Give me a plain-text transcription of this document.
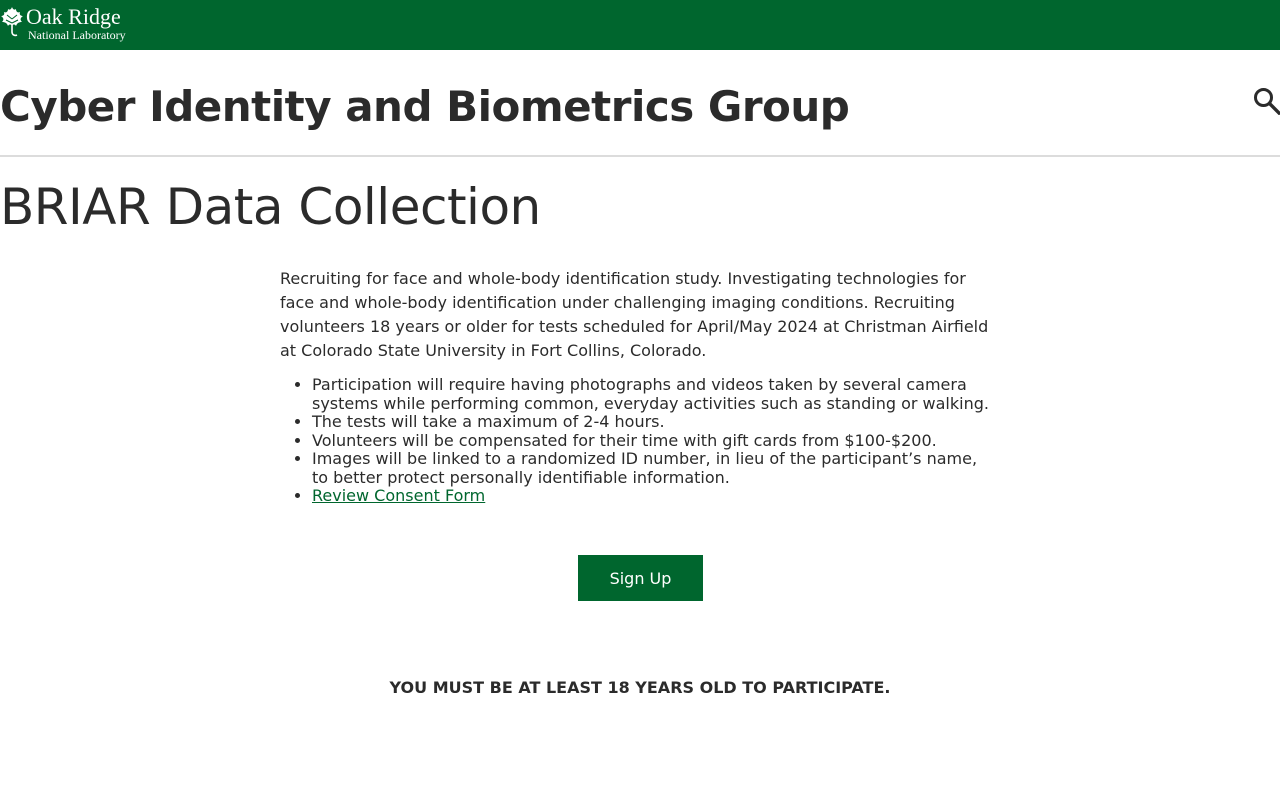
Oak Ridge
National Laboratory
Cyber Identity and Biometrics Group
BRIAR Data Collection

Recruiting for face and whole-body identification study. Investigating technologies for face and whole-body identification under challenging imaging conditions. Recruiting volunteers 18 years or older for tests scheduled for April/May 2024 at Christman Airfield at Colorado State University in Fort Collins, Colorado.

• Participation will require having photographs and videos taken by several camera systems while performing common, everyday activities such as standing or walking.
• The tests will take a maximum of 2-4 hours.
• Volunteers will be compensated for their time with gift cards from $100-$200.
• Images will be linked to a randomized ID number, in lieu of the participant’s name, to better protect personally identifiable information.
• Review Consent Form
Sign Up

YOU MUST BE AT LEAST 18 YEARS OLD TO PARTICIPATE.
